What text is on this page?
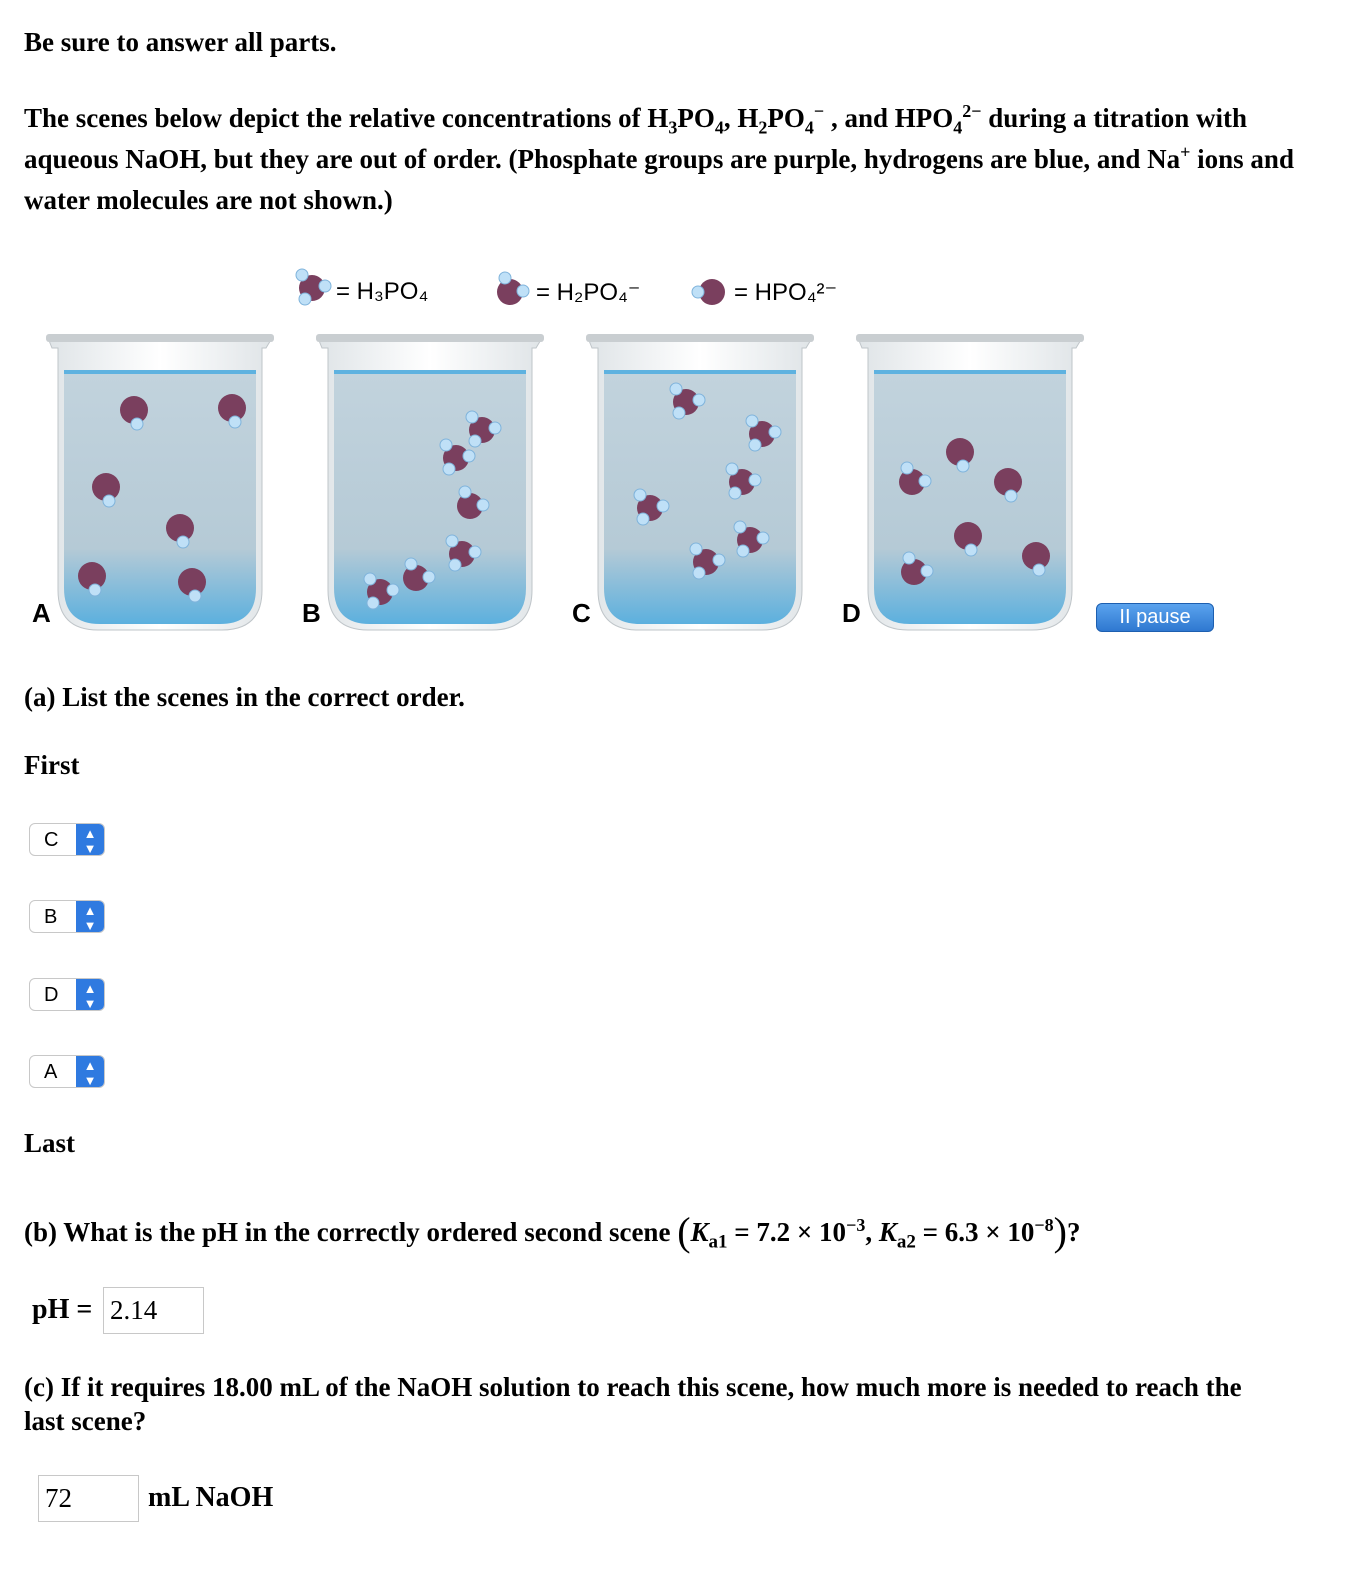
Be sure to answer all parts.

The scenes below depict the relative concentrations of $H_3PO_4$, $H_2PO_4^-$ , and $HPO_4^{2-}$ during a titration with aqueous NaOH, but they are out of order. (Phosphate groups are purple, hydrogens are blue, and Na+ ions and water molecules are not shown.)

= H₃PO₄	= H₂PO₄⁻	= HPO₄²⁻
A	B	C	D	II pause

(a) List the scenes in the correct order.

First

C	▲
▼
B	▲
▼
D	▲
▼
A	▲
▼

Last

(b) What is the pH in the correctly ordered second scene ($K_{a1} = 7.2 \times 10^{-3}$, $K_{a2} = 6.3 \times 10^{-8}$)?

pH = 2.14

(c) If it requires 18.00 mL of the NaOH solution to reach this scene, how much more is needed to reach the last scene?

72	mL NaOH
